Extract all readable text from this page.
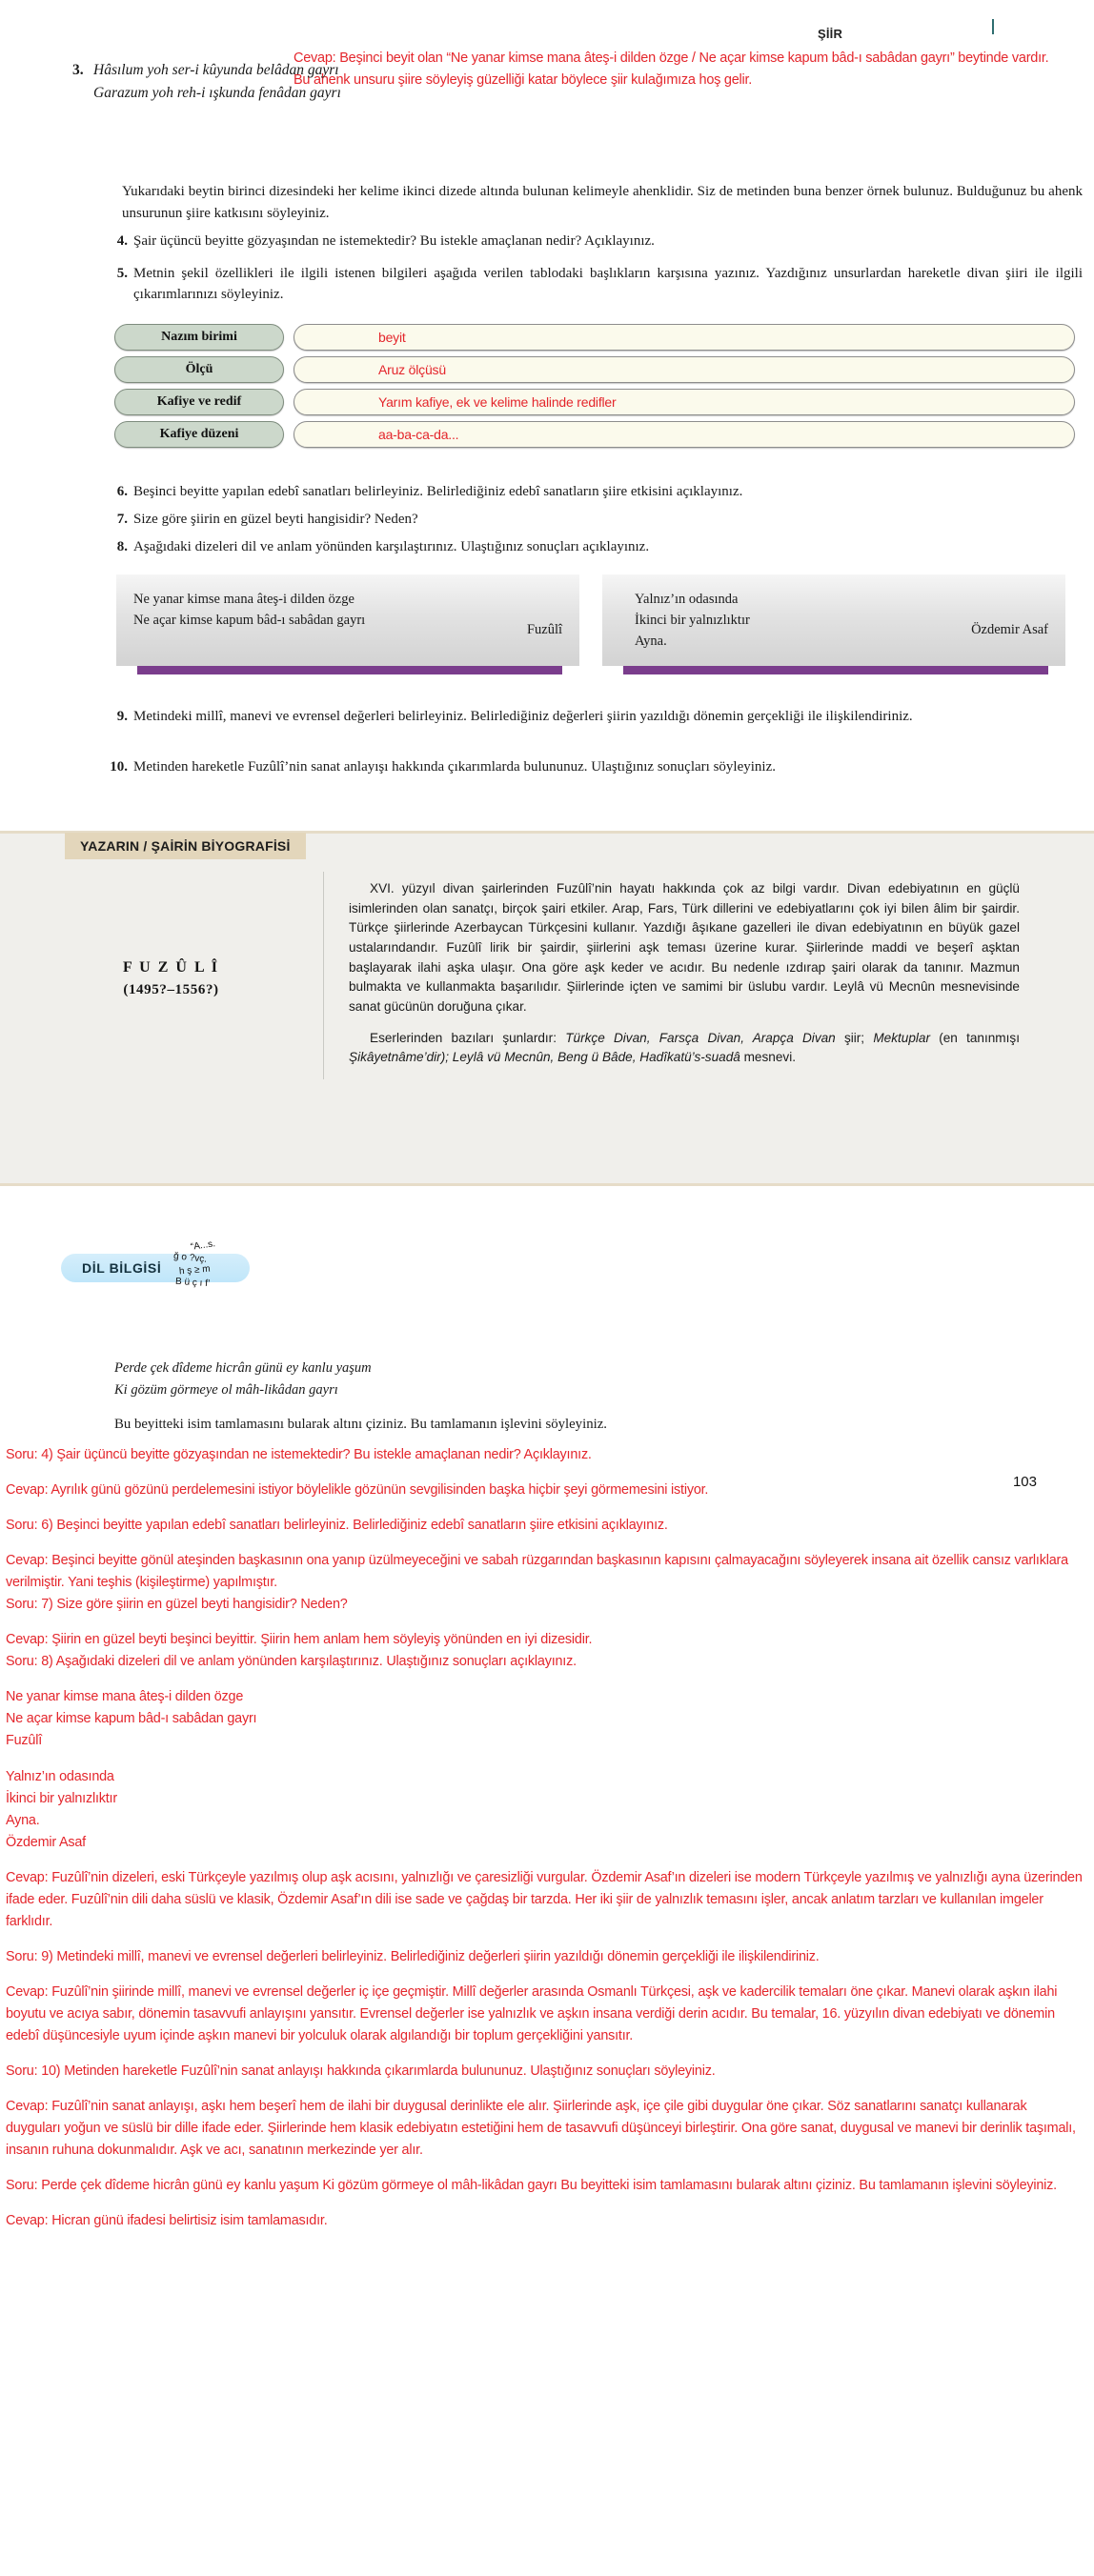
ŞİİR
Cevap: Beşinci beyit olan “Ne yanar kimse mana âteş-i dilden özge / Ne açar kimse kapum bâd-ı sabâdan gayrı” beytinde vardır. Bu ahenk unsuru şiire söyleyiş güzelliği katar böylece şiir kulağımıza hoş gelir.
3. Hâsılum yoh ser-i kûyunda belâdan gayrı
Garazum yoh reh-i ışkunda fenâdan gayrı
Yukarıdaki beytin birinci dizesindeki her kelime ikinci dizede altında bulunan kelimeyle ahenklidir. Siz de metinden buna benzer örnek bulunuz. Bulduğunuz bu ahenk unsurunun şiire katkısını söyleyiniz.
4. Şair üçüncü beyitte gözyaşından ne istemektedir? Bu istekle amaçlanan nedir? Açıklayınız.
5. Metnin şekil özellikleri ile ilgili istenen bilgileri aşağıda verilen tablodaki başlıkların karşısına yazınız. Yazdığınız unsurlardan hareketle divan şiiri ile ilgili çıkarımlarınızı söyleyiniz.
Nazım birimi	beyit
Ölçü	Aruz ölçüsü
Kafiye ve redif	Yarım kafiye, ek ve kelime halinde redifler
Kafiye düzeni	aa-ba-ca-da...
6. Beşinci beyitte yapılan edebî sanatları belirleyiniz. Belirlediğiniz edebî sanatların şiire etkisini açıklayınız.
7. Size göre şiirin en güzel beyti hangisidir? Neden?
8. Aşağıdaki dizeleri dil ve anlam yönünden karşılaştırınız. Ulaştığınız sonuçları açıklayınız.
Ne yanar kimse mana âteş-i dilden özge
Ne açar kimse kapum bâd-ı sabâdan gayrı
Fuzûlî
Yalnız’ın odasında
İkinci bir yalnızlıktır
Ayna.
Özdemir Asaf
9. Metindeki millî, manevi ve evrensel değerleri belirleyiniz. Belirlediğiniz değerleri şiirin yazıldığı dönemin gerçekliği ile ilişkilendiriniz.
10. Metinden hareketle Fuzûlî’nin sanat anlayışı hakkında çıkarımlarda bulununuz. Ulaştığınız sonuçları söyleyiniz.
YAZARIN / ŞAİRİN BİYOGRAFİSİ
F U Z Û L Î
(1495?–1556?)

XVI. yüzyıl divan şairlerinden Fuzûlî’nin hayatı hakkında çok az bilgi vardır. Divan edebiyatının en güçlü isimlerinden olan sanatçı, birçok şairi etkiler. Arap, Fars, Türk dillerini ve edebiyatlarını çok iyi bilen âlim bir şairdir. Türkçe şiirlerinde Azerbaycan Türkçesini kullanır. Yazdığı âşıkane gazelleri ile divan edebiyatının en büyük gazel ustalarındandır. Fuzûlî lirik bir şairdir, şiirlerini aşk teması üzerine kurar. Şiirlerinde maddi ve beşerî aşktan başlayarak ilahi aşka ulaşır. Ona göre aşk keder ve acıdır. Bu nedenle ızdırap şairi olarak da tanınır. Mazmun bulmakta ve kullanmakta başarılıdır. Şiirlerinde içten ve samimi bir üslubu vardır. Leylâ vü Mecnûn mesnevisinde sanat gücünün doruğuna çıkar.

Eserlerinden bazıları şunlardır: Türkçe Divan, Farsça Divan, Arapça Divan şiir; Mektuplar (en tanınmışı Şikâyetnâme’dir); Leylâ vü Mecnûn, Beng ü Bâde, Hadîkatü’s-suadâ mesnevi.

DİL BİLGİSİ
“A...s.
ğ o ?vç.
h ş ≥ m
B ü ç ı f’
Perde çek dîdeme hicrân günü ey kanlu yaşum
Ki gözüm görmeye ol mâh-likâdan gayrı
Bu beyitteki isim tamlamasını bularak altını çiziniz. Bu tamlamanın işlevini söyleyiniz.
103
Soru: 4) Şair üçüncü beyitte gözyaşından ne istemektedir? Bu istekle amaçlanan nedir? Açıklayınız.
Cevap: Ayrılık günü gözünü perdelemesini istiyor böylelikle gözünün sevgilisinden başka hiçbir şeyi görmemesini istiyor.
Soru: 6) Beşinci beyitte yapılan edebî sanatları belirleyiniz. Belirlediğiniz edebî sanatların şiire etkisini açıklayınız.
Cevap: Beşinci beyitte gönül ateşinden başkasının ona yanıp üzülmeyeceğini ve sabah rüzgarından başkasının kapısını çalmayacağını söyleyerek insana ait özellik cansız varlıklara verilmiştir. Yani teşhis (kişileştirme) yapılmıştır.
Soru: 7) Size göre şiirin en güzel beyti hangisidir? Neden?
Cevap: Şiirin en güzel beyti beşinci beyittir. Şiirin hem anlam hem söyleyiş yönünden en iyi dizesidir.
Soru: 8) Aşağıdaki dizeleri dil ve anlam yönünden karşılaştırınız. Ulaştığınız sonuçları açıklayınız.
Ne yanar kimse mana âteş-i dilden özge
Ne açar kimse kapum bâd-ı sabâdan gayrı
Fuzûlî
Yalnız’ın odasında
İkinci bir yalnızlıktır
Ayna.
Özdemir Asaf
Cevap: Fuzûlî’nin dizeleri, eski Türkçeyle yazılmış olup aşk acısını, yalnızlığı ve çaresizliği vurgular. Özdemir Asaf’ın dizeleri ise modern Türkçeyle yazılmış ve yalnızlığı ayna üzerinden ifade eder. Fuzûlî’nin dili daha süslü ve klasik, Özdemir Asaf’ın dili ise sade ve çağdaş bir tarzda. Her iki şiir de yalnızlık temasını işler, ancak anlatım tarzları ve kullanılan imgeler farklıdır.
Soru: 9) Metindeki millî, manevi ve evrensel değerleri belirleyiniz. Belirlediğiniz değerleri şiirin yazıldığı dönemin gerçekliği ile ilişkilendiriniz.
Cevap: Fuzûlî’nin şiirinde millî, manevi ve evrensel değerler iç içe geçmiştir. Millî değerler arasında Osmanlı Türkçesi, aşk ve kadercilik temaları öne çıkar. Manevi olarak aşkın ilahi boyutu ve acıya sabır, dönemin tasavvufi anlayışını yansıtır. Evrensel değerler ise yalnızlık ve aşkın insana verdiği derin acıdır. Bu temalar, 16. yüzyılın divan edebiyatı ve dönemin edebî düşüncesiyle uyum içinde aşkın manevi bir yolculuk olarak algılandığı bir toplum gerçekliğini yansıtır.
Soru: 10) Metinden hareketle Fuzûlî’nin sanat anlayışı hakkında çıkarımlarda bulununuz. Ulaştığınız sonuçları söyleyiniz.
Cevap: Fuzûlî’nin sanat anlayışı, aşkı hem beşerî hem de ilahi bir duygusal derinlikte ele alır. Şiirlerinde aşk, içe çile gibi duygular öne çıkar. Söz sanatlarını sanatçı kullanarak duyguları yoğun ve süslü bir dille ifade eder. Şiirlerinde hem klasik edebiyatın estetiğini hem de tasavvufi düşünceyi birleştirir. Ona göre sanat, duygusal ve manevi bir derinlik taşımalı, insanın ruhuna dokunmalıdır. Aşk ve acı, sanatının merkezinde yer alır.
Soru: Perde çek dîdeme hicrân günü ey kanlu yaşum Ki gözüm görmeye ol mâh-likâdan gayrı Bu beyitteki isim tamlamasını bularak altını çiziniz. Bu tamlamanın işlevini söyleyiniz.
Cevap: Hicran günü ifadesi belirtisiz isim tamlamasıdır.
